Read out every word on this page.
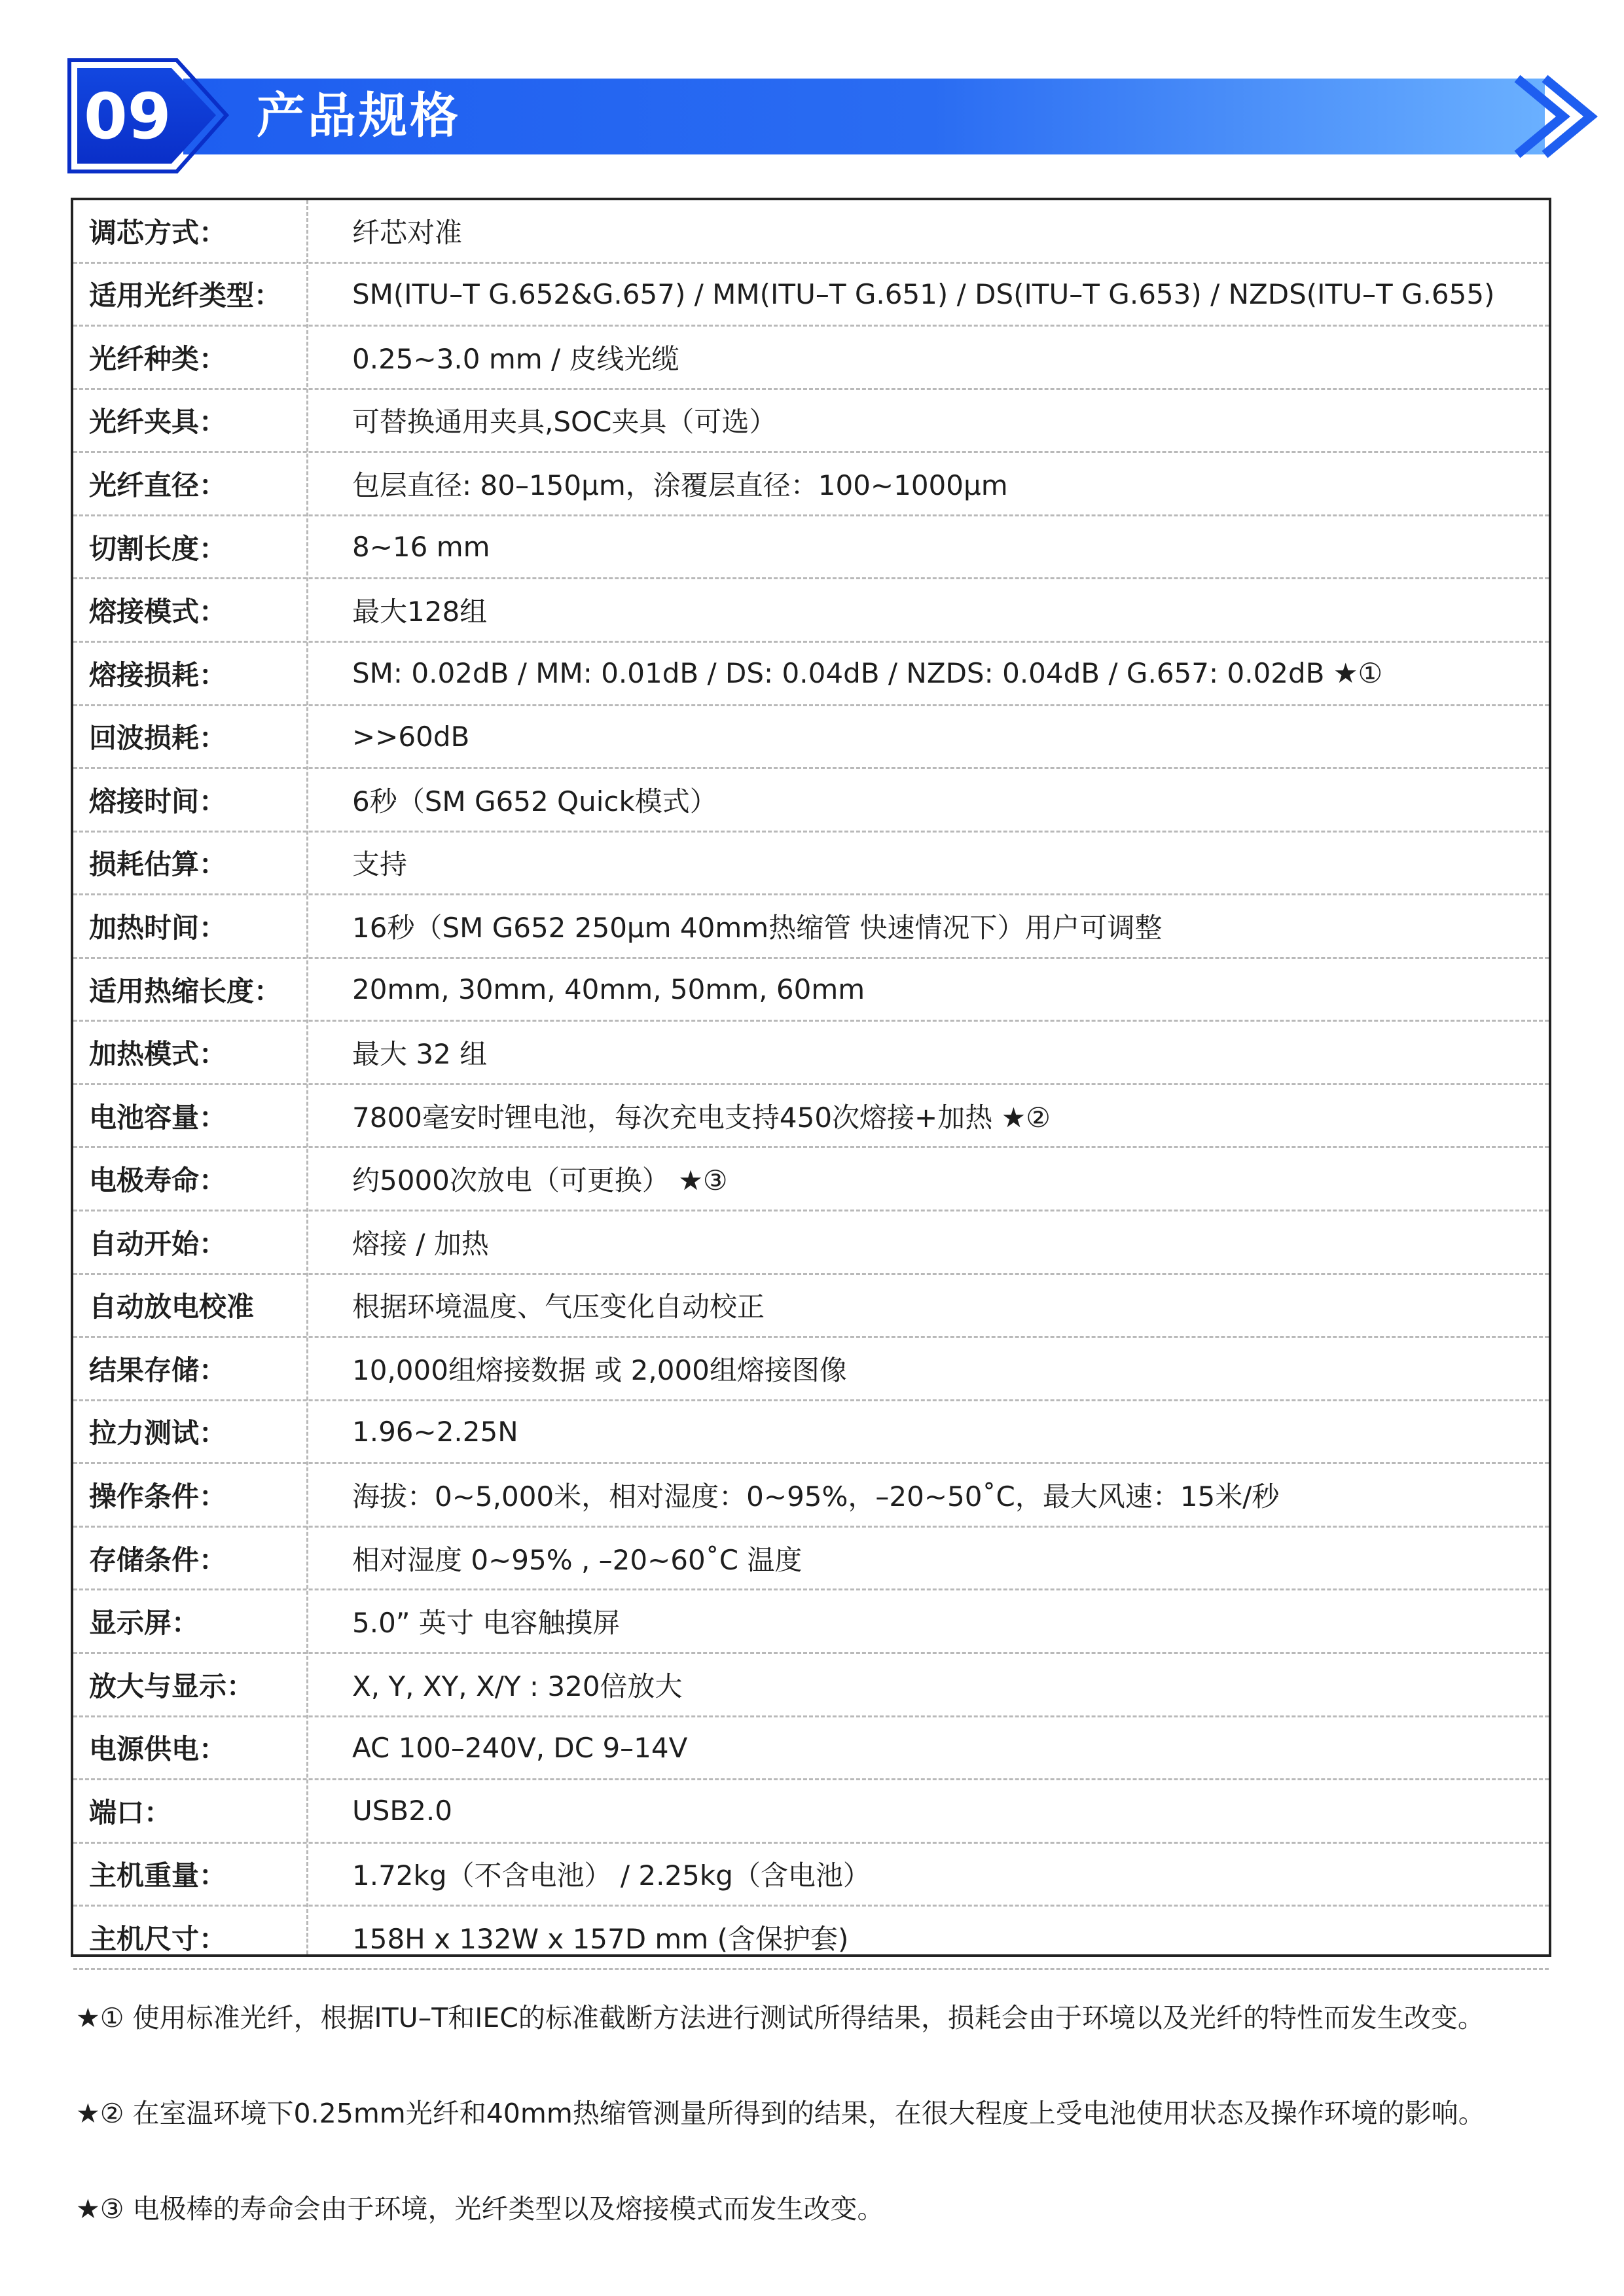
09	产品规格
调芯方式：	纤芯对准
适用光纤类型：	SM(ITU–T G.652&G.657) / MM(ITU–T G.651) / DS(ITU–T G.653) / NZDS(ITU–T G.655)
光纤种类：	0.25~3.0 mm / 皮线光缆
光纤夹具：	可替换通用夹具,SOC夹具（可选）
光纤直径：	包层直径: 80–150μm，涂覆层直径：100~1000μm
切割长度：	8~16 mm
熔接模式：	最大128组
熔接损耗：	SM: 0.02dB / MM: 0.01dB / DS: 0.04dB / NZDS: 0.04dB / G.657: 0.02dB ★①
回波损耗：	>>60dB
熔接时间：	6秒（SM G652 Quick模式）
损耗估算：	支持
加热时间：	16秒（SM G652 250μm 40mm热缩管 快速情况下）用户可调整
适用热缩长度：	20mm, 30mm, 40mm, 50mm, 60mm
加热模式：	最大 32 组
电池容量：	7800毫安时锂电池，每次充电支持450次熔接+加热 ★②
电极寿命：	约5000次放电（可更换） ★③
自动开始：	熔接 / 加热
自动放电校准	根据环境温度、气压变化自动校正
结果存储：	10,000组熔接数据 或 2,000组熔接图像
拉力测试：	1.96~2.25N
操作条件：	海拔：0~5,000米，相对湿度：0~95%，–20~50˚C，最大风速：15米/秒
存储条件：	相对湿度 0~95% , –20~60˚C 温度
显示屏：	5.0” 英寸 电容触摸屏
放大与显示：	X, Y, XY, X/Y : 320倍放大
电源供电：	AC 100–240V, DC 9–14V
端口：	USB2.0
主机重量：	1.72kg（不含电池） / 2.25kg（含电池）
主机尺寸：	158H x 132W x 157D mm (含保护套)
★① 使用标准光纤，根据ITU–T和IEC的标准截断方法进行测试所得结果，损耗会由于环境以及光纤的特性而发生改变。
★② 在室温环境下0.25mm光纤和40mm热缩管测量所得到的结果，在很大程度上受电池使用状态及操作环境的影响。
★③ 电极棒的寿命会由于环境，光纤类型以及熔接模式而发生改变。
